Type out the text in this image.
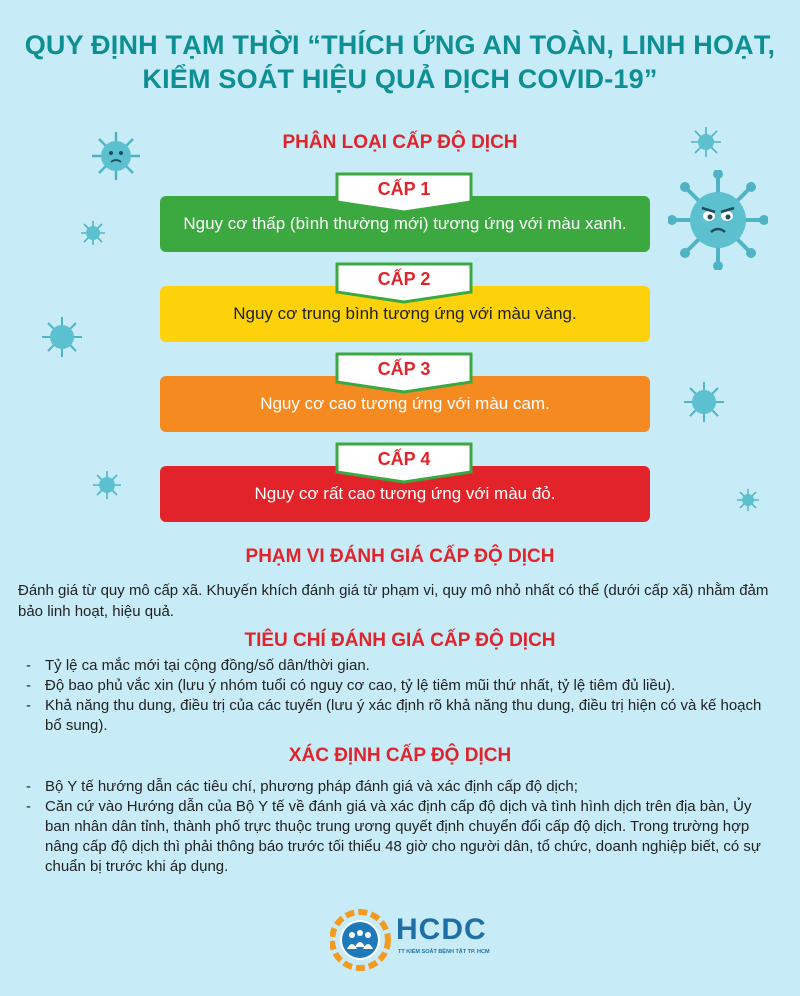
QUY ĐỊNH TẠM THỜI “THÍCH ỨNG AN TOÀN, LINH HOẠT,
KIỂM SOÁT HIỆU QUẢ DỊCH COVID-19”
PHÂN LOẠI CẤP ĐỘ DỊCH
Nguy cơ thấp (bình thường mới) tương ứng với màu xanh.
CẤP 1
Nguy cơ trung bình tương ứng với màu vàng.
CẤP 2
Nguy cơ cao tương ứng với màu cam.
CẤP 3
Nguy cơ rất cao tương ứng với màu đỏ.
CẤP 4
PHẠM VI ĐÁNH GIÁ CẤP ĐỘ DỊCH
Đánh giá từ quy mô cấp xã. Khuyến khích đánh giá từ phạm vi, quy mô nhỏ nhất có thể (dưới cấp xã) nhằm đảm bảo linh hoạt, hiệu quả.
TIÊU CHÍ ĐÁNH GIÁ CẤP ĐỘ DỊCH
- Tỷ lệ ca mắc mới tại cộng đồng/số dân/thời gian.
- Độ bao phủ vắc xin (lưu ý nhóm tuổi có nguy cơ cao, tỷ lệ tiêm mũi thứ nhất, tỷ lệ tiêm đủ liều).
- Khả năng thu dung, điều trị của các tuyến (lưu ý xác định rõ khả năng thu dung, điều trị hiện có và kế hoạch bổ sung).
XÁC ĐỊNH CẤP ĐỘ DỊCH
- Bộ Y tế hướng dẫn các tiêu chí, phương pháp đánh giá và xác định cấp độ dịch;
- Căn cứ vào Hướng dẫn của Bộ Y tế về đánh giá và xác định cấp độ dịch và tình hình dịch trên địa bàn, Ủy ban nhân dân tỉnh, thành phố trực thuộc trung ương quyết định chuyển đổi cấp độ dịch. Trong trường hợp nâng cấp độ dịch thì phải thông báo trước tối thiểu 48 giờ cho người dân, tổ chức, doanh nghiệp biết, có sự chuẩn bị trước khi áp dụng.
HCDC
TT KIỂM SOÁT BỆNH TẬT TP. HCM
